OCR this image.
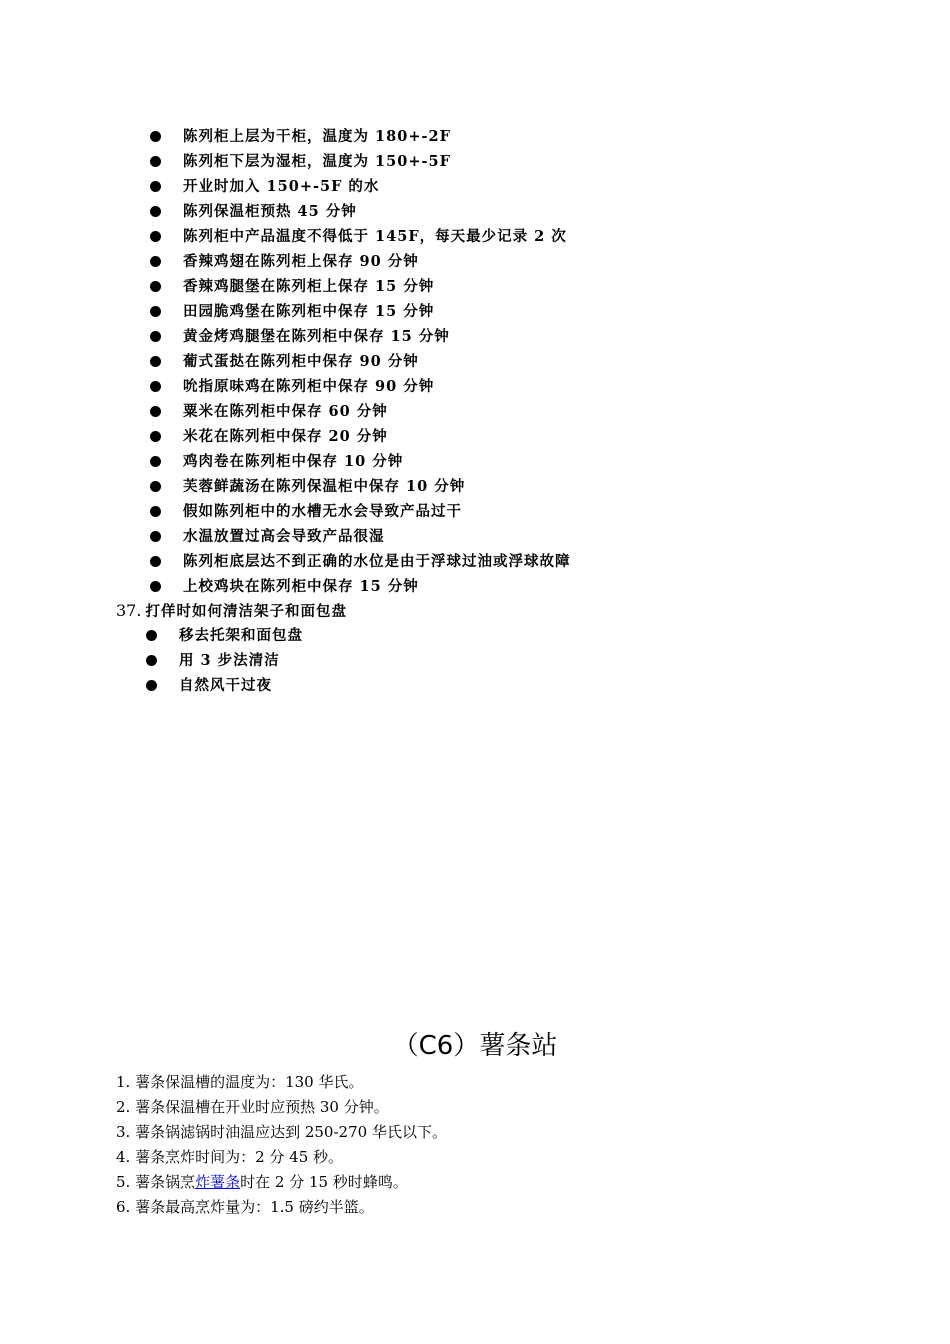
陈列柜上层为干柜，温度为 180+-2F
陈列柜下层为湿柜，温度为 150+-5F
开业时加入 150+-5F 的水
陈列保温柜预热 45 分钟
陈列柜中产品温度不得低于 145F，每天最少记录 2 次
香辣鸡翅在陈列柜上保存 90 分钟
香辣鸡腿堡在陈列柜上保存 15 分钟
田园脆鸡堡在陈列柜中保存 15 分钟
黄金烤鸡腿堡在陈列柜中保存 15 分钟
葡式蛋挞在陈列柜中保存 90 分钟
吮指原味鸡在陈列柜中保存 90 分钟
粟米在陈列柜中保存 60 分钟
米花在陈列柜中保存 20 分钟
鸡肉卷在陈列柜中保存 10 分钟
芙蓉鲜蔬汤在陈列保温柜中保存 10 分钟
假如陈列柜中的水槽无水会导致产品过干
水温放置过高会导致产品很湿
陈列柜底层达不到正确的水位是由于浮球过油或浮球故障
上校鸡块在陈列柜中保存 15 分钟
37. 打佯时如何清洁架子和面包盘
移去托架和面包盘
用 3 步法清洁
自然风干过夜
（C6）薯条站
1. 薯条保温槽的温度为：130 华氏。
2. 薯条保温槽在开业时应预热 30 分钟。
3. 薯条锅滤锅时油温应达到 250-270 华氏以下。
4. 薯条烹炸时间为：2 分 45 秒。
5. 薯条锅烹炸薯条时在 2 分 15 秒时蜂鸣。
6. 薯条最高烹炸量为：1.5 磅约半篮。
